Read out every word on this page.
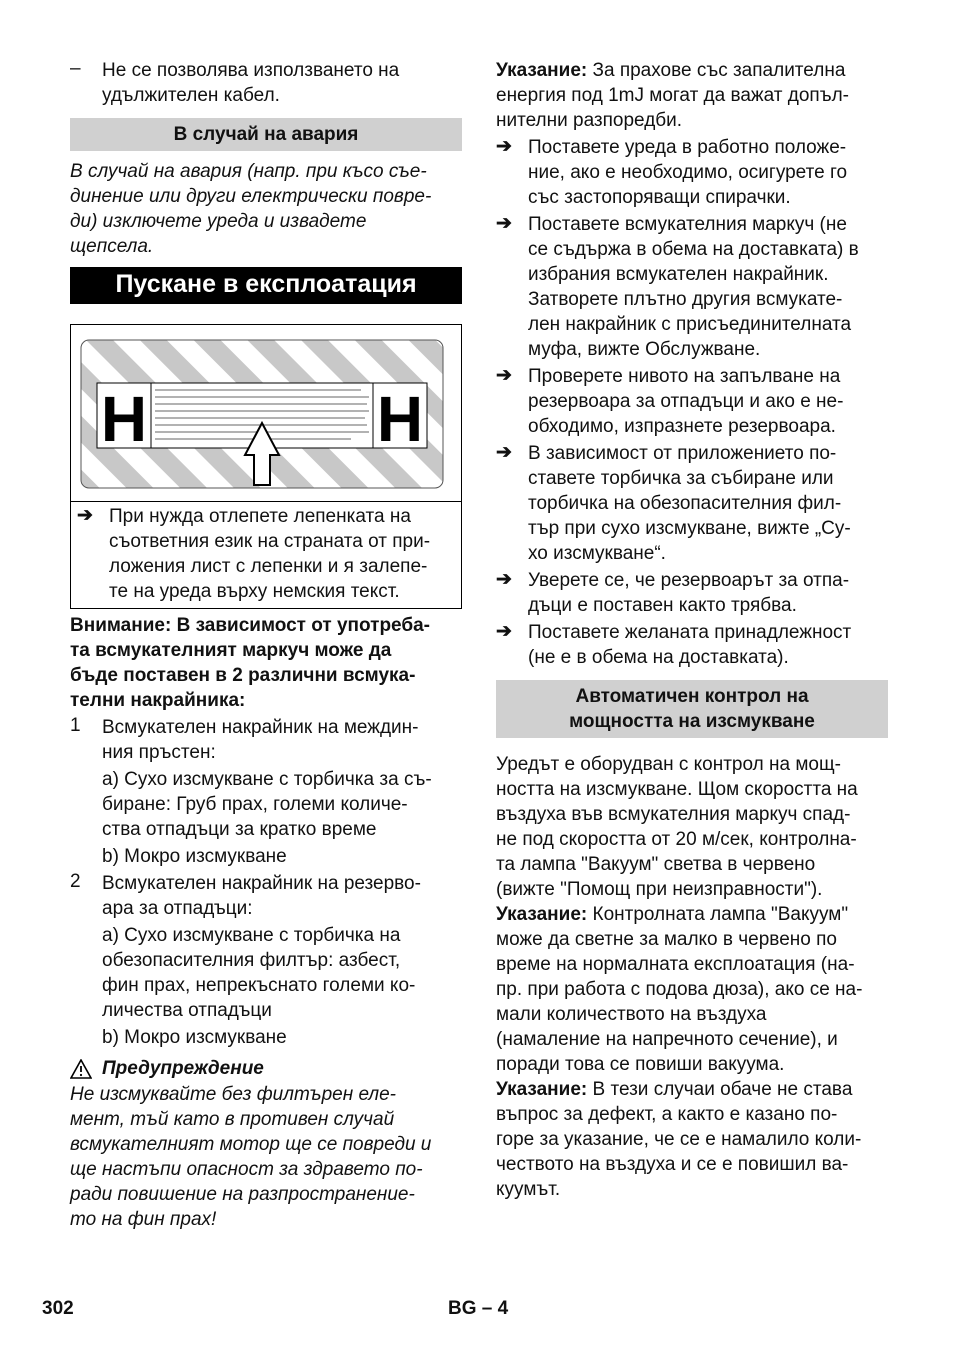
–	Не се позволява използването на
удължителен кабел.

В случай на авария

В случай на авария (напр. при късо съе-
динение или други електрически повре-
ди) изключете уреда и извадете
щепсела.

Пускане в експлоатация
H	H
➔ При нужда отлепете лепенката на
съответния език на страната от при-
ложения лист с лепенки и я залепе-
те на уреда върху немския текст.

Внимание: В зависимост от употреба-
та всмукателният маркуч може да
бъде поставен в 2 различни всмука-
телни накрайника:

1	Всмукателен накрайник на междин-
ния пръстен:

a) Сухо изсмукване с торбичка за съ-
биране: Груб прах, големи количе-
ства отпадъци за кратко време

b) Мокро изсмукване

2	Всмукателен накрайник на резерво-
ара за отпадъци:

a) Сухо изсмукване с торбичка на
обезопасителния филтър: азбест,
фин прах, непрекъснато големи ко-
личества отпадъци

b) Мокро изсмукване

Предупреждение

Не изсмуквайте без филтърен еле-
мент, тъй като в противен случай
всмукателният мотор ще се повреди и
ще настъпи опасност за здравето по-
ради повишение на разпространение-
то на фин прах!

Указание: За прахове със запалителна
енергия под 1mJ могат да важат допъл-
нителни разпоредби.

➔ Поставете уреда в работно положе-
ние, ако е необходимо, осигурете го
със застопоряващи спирачки.

➔ Поставете всмукателния маркуч (не
се съдържа в обема на доставката) в
избрания всмукателен накрайник.
Затворете плътно другия всмукате-
лен накрайник с присъединителната
муфа, вижте Обслужване.

➔ Проверете нивото на запълване на
резервоара за отпадъци и ако е не-
обходимо, изпразнете резервоара.

➔ В зависимост от приложението по-
ставете торбичка за събиране или
торбичка на обезопасителния фил-
тър при сухо изсмукване, вижте „Су-
хо изсмукване“.

➔ Уверете се, че резервоарът за отпа-
дъци е поставен както трябва.

➔ Поставете желаната принадлежност
(не е в обема на доставката).

Автоматичен контрол на
мощността на изсмукване

Уредът е оборудван с контрол на мощ-
ността на изсмукване. Щом скоростта на
въздуха във всмукателния маркуч спад-
не под скоростта от 20 м/сек, контролна-
та лампа "Вакуум" светва в червено
(вижте "Помощ при неизправности").

Указание: Контролната лампа "Вакуум"
може да светне за малко в червено по
време на нормалната експлоатация (на-
пр. при работа с подова дюза), ако се на-
мали количеството на въздуха
(намаление на напречното сечение), и
поради това се повиши вакуума.

Указание: В тези случаи обаче не става
въпрос за дефект, а както е казано по-
горе за указание, че се е намалило коли-
чеството на въздуха и се е повишил ва-
куумът.

302	BG – 4
